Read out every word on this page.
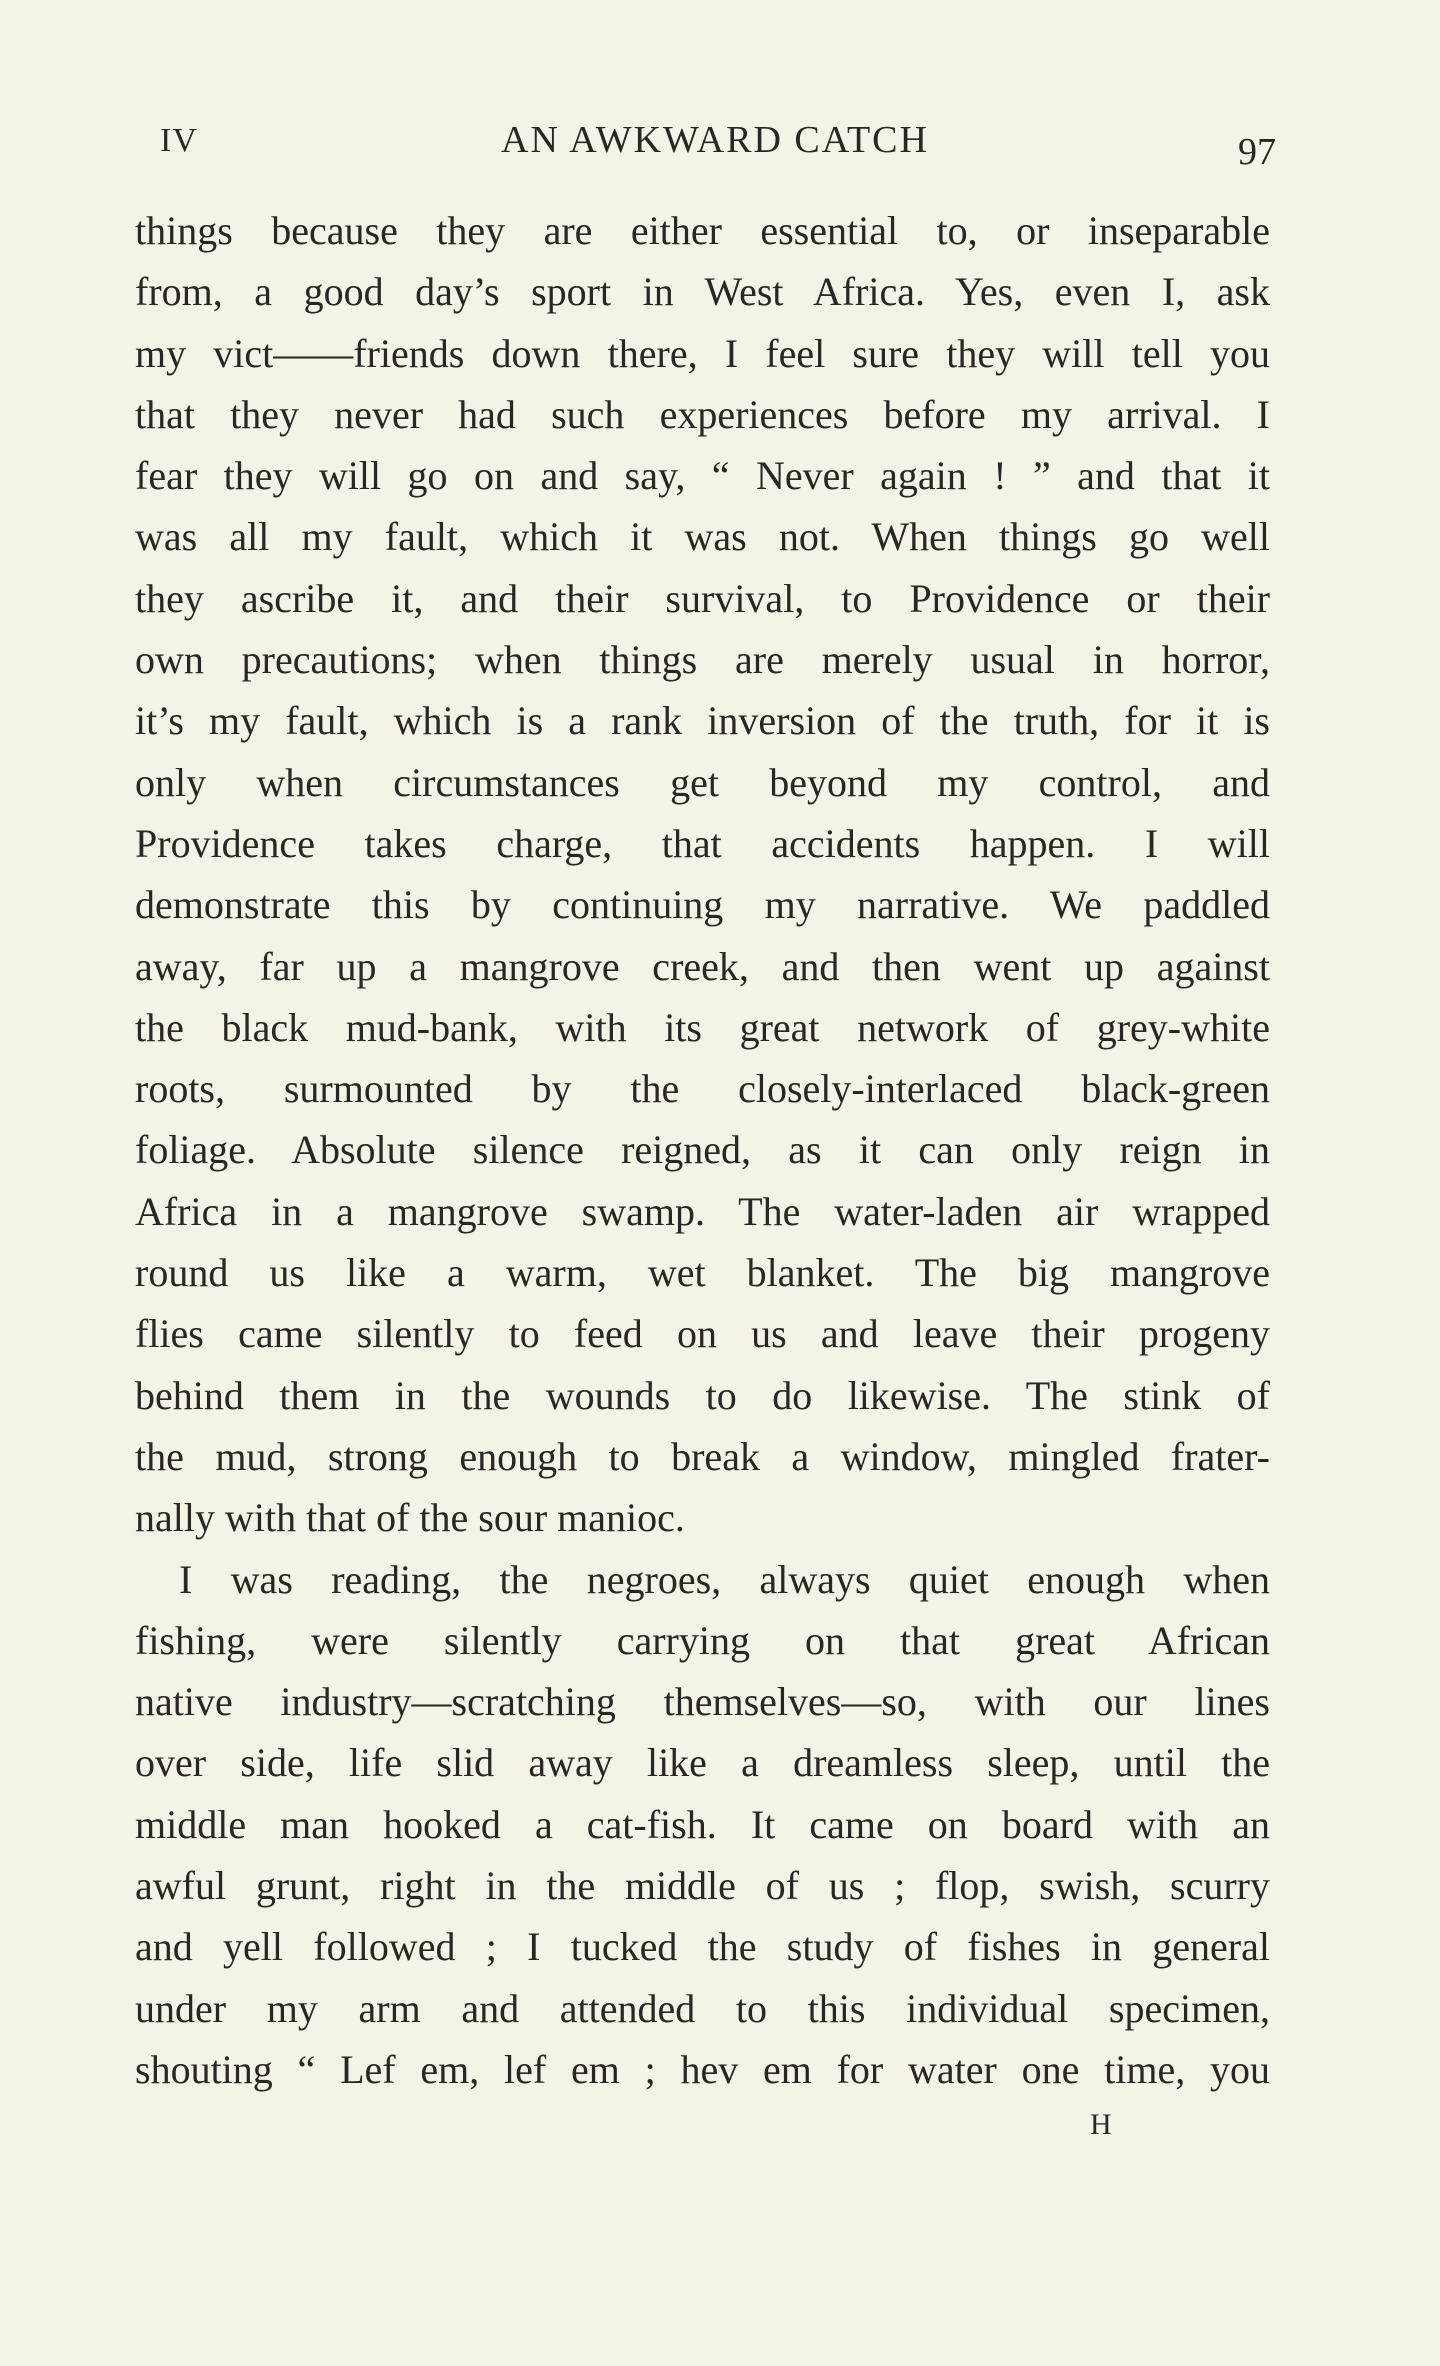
IV	AN AWKWARD CATCH	97
things because they are either essential to, or inseparable
from, a good day’s sport in West Africa. Yes, even I, ask
my vict——friends down there, I feel sure they will tell you
that they never had such experiences before my arrival. I
fear they will go on and say, “ Never again ! ” and that it
was all my fault, which it was not. When things go well
they ascribe it, and their survival, to Providence or their
own precautions; when things are merely usual in horror,
it’s my fault, which is a rank inversion of the truth, for it is
only when circumstances get beyond my control, and
Providence takes charge, that accidents happen. I will
demonstrate this by continuing my narrative. We paddled
away, far up a mangrove creek, and then went up against
the black mud-bank, with its great network of grey-white
roots, surmounted by the closely-interlaced black-green
foliage. Absolute silence reigned, as it can only reign in
Africa in a mangrove swamp. The water-laden air wrapped
round us like a warm, wet blanket. The big mangrove
flies came silently to feed on us and leave their progeny
behind them in the wounds to do likewise. The stink of
the mud, strong enough to break a window, mingled frater-
nally with that of the sour manioc.
I was reading, the negroes, always quiet enough when
fishing, were silently carrying on that great African
native industry—scratching themselves—so, with our lines
over side, life slid away like a dreamless sleep, until the
middle man hooked a cat-fish. It came on board with an
awful grunt, right in the middle of us ; flop, swish, scurry
and yell followed ; I tucked the study of fishes in general
under my arm and attended to this individual specimen,
shouting “ Lef em, lef em ; hev em for water one time, you
H
